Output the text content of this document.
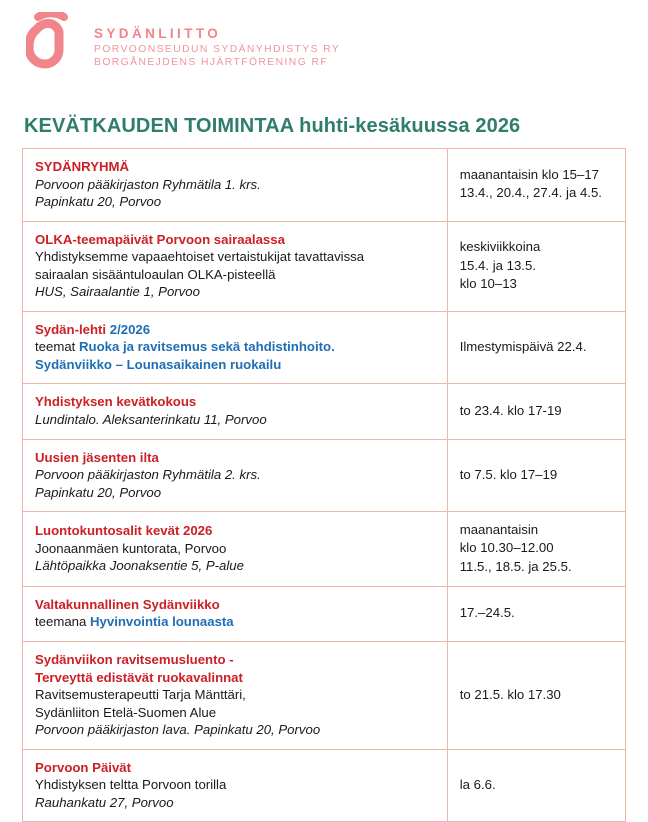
SYDÄNLIITTO
PORVOONSEUDUN SYDÄNYHDISTYS RY
BORGÅNEJDENS HJÄRTFÖRENING RF
KEVÄTKAUDEN TOIMINTAA huhti-kesäkuussa 2026
SYDÄNRYHMÄ
Porvoon pääkirjaston Ryhmätila 1. krs.
Papinkatu 20, Porvoo

maanantaisin klo 15–17
13.4., 20.4., 27.4. ja 4.5.

OLKA-teemapäivät Porvoon sairaalassa
Yhdistyksemme vapaaehtoiset vertaistukijat tavattavissa
sairaalan sisääntuloaulan OLKA-pisteellä
HUS, Sairaalantie 1, Porvoo

keskiviikkoina
15.4. ja 13.5.
klo 10–13

Sydän-lehti 2/2026
teemat Ruoka ja ravitsemus sekä tahdistinhoito.
Sydänviikko – Lounasaikainen ruokailu	Ilmestymispäivä 22.4.

Yhdistyksen kevätkokous
Lundintalo. Aleksanterinkatu 11, Porvoo	to 23.4. klo 17-19

Uusien jäsenten ilta
Porvoon pääkirjaston Ryhmätila 2. krs.
Papinkatu 20, Porvoo	to 7.5. klo 17–19

Luontokuntosalit kevät 2026
Joonaanmäen kuntorata, Porvoo
Lähtöpaikka Joonaksentie 5, P-alue

maanantaisin
klo 10.30–12.00
11.5., 18.5. ja 25.5.

Valtakunnallinen Sydänviikko
teemana Hyvinvointia lounaasta	17.–24.5.

Sydänviikon ravitsemusluento -
Terveyttä edistävät ruokavalinnat
Ravitsemusterapeutti Tarja Mänttäri,
Sydänliiton Etelä-Suomen Alue
Porvoon pääkirjaston lava. Papinkatu 20, Porvoo	to 21.5. klo 17.30

Porvoon Päivät
Yhdistyksen teltta Porvoon torilla
Rauhankatu 27, Porvoo	la 6.6.
